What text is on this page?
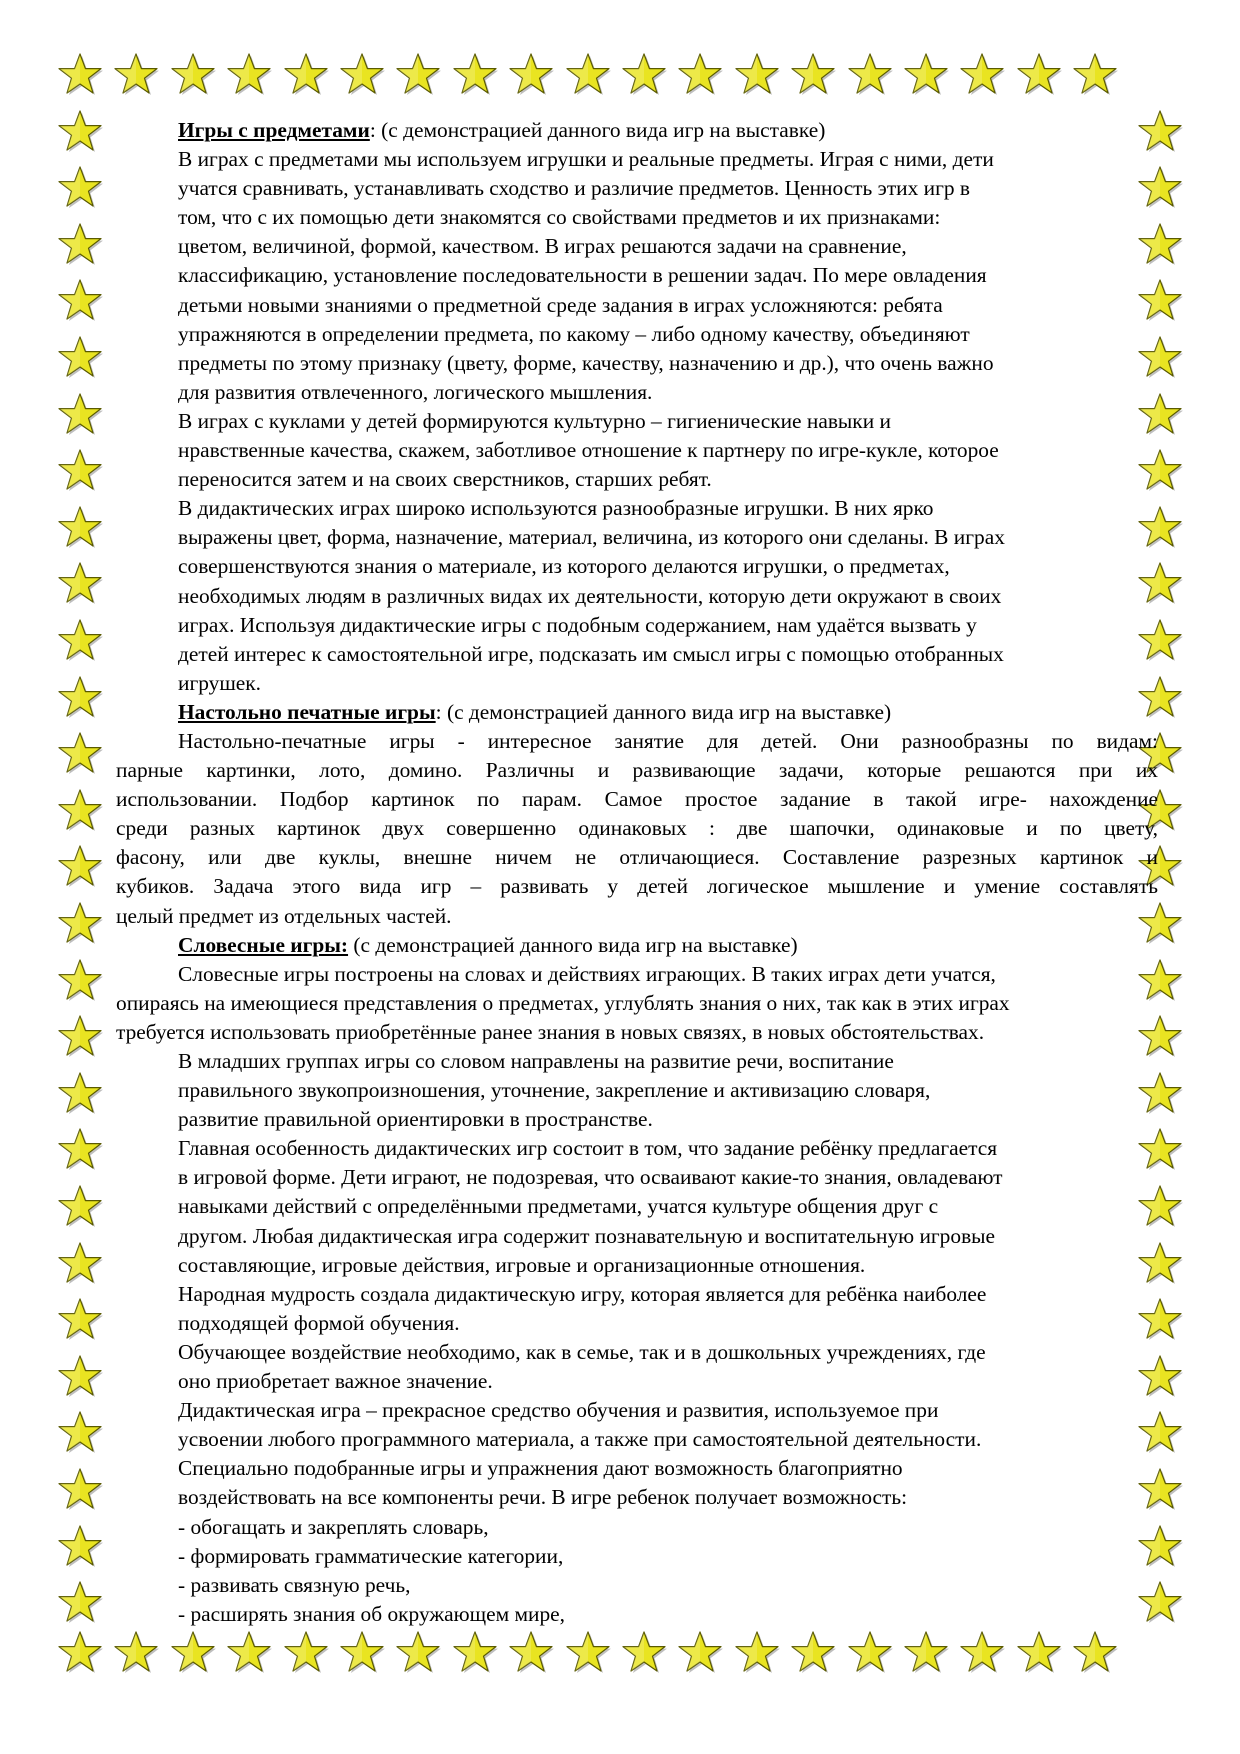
Игры с предметами: (с демонстрацией данного вида игр на выставке)

В играх с предметами мы используем игрушки и реальные предметы. Играя с ними, дети

учатся сравнивать, устанавливать сходство и различие предметов. Ценность этих игр в

том, что с их помощью дети знакомятся со свойствами предметов и их признаками:

цветом, величиной, формой, качеством. В играх решаются задачи на сравнение,

классификацию, установление последовательности в решении задач. По мере овладения

детьми новыми знаниями о предметной среде задания в играх усложняются: ребята

упражняются в определении предмета, по какому – либо одному качеству, объединяют

предметы по этому признаку (цвету, форме, качеству, назначению и др.), что очень важно

для развития отвлеченного, логического мышления.

В играх с куклами у детей формируются культурно – гигиенические навыки и

нравственные качества, скажем, заботливое отношение к партнеру по игре-кукле, которое

переносится затем и на своих сверстников, старших ребят.

В дидактических играх широко используются разнообразные игрушки. В них ярко

выражены цвет, форма, назначение, материал, величина, из которого они сделаны. В играх

совершенствуются знания о материале, из которого делаются игрушки, о предметах,

необходимых людям в различных видах их деятельности, которую дети окружают в своих

играх. Используя дидактические игры с подобным содержанием, нам удаётся вызвать у

детей интерес к самостоятельной игре, подсказать им смысл игры с помощью отобранных

игрушек.

Настольно печатные игры: (с демонстрацией данного вида игр на выставке)

Настольно-печатные игры - интересное занятие для детей. Они разнообразны по видам:

парные картинки, лото, домино. Различны и развивающие задачи, которые решаются при их

использовании. Подбор картинок по парам. Самое простое задание в такой игре- нахождение

среди разных картинок двух совершенно одинаковых : две шапочки, одинаковые и по цвету,

фасону, или две куклы, внешне ничем не отличающиеся. Составление разрезных картинок и

кубиков. Задача этого вида игр – развивать у детей логическое мышление и умение составлять

целый предмет из отдельных частей.

Словесные игры: (с демонстрацией данного вида игр на выставке)

Словесные игры построены на словах и действиях играющих. В таких играх дети учатся,

опираясь на имеющиеся представления о предметах, углублять знания о них, так как в этих играх

требуется использовать приобретённые ранее знания в новых связях, в новых обстоятельствах.

В младших группах игры со словом направлены на развитие речи, воспитание

правильного звукопроизношения, уточнение, закрепление и активизацию словаря,

развитие правильной ориентировки в пространстве.

Главная особенность дидактических игр состоит в том, что задание ребёнку предлагается

в игровой форме. Дети играют, не подозревая, что осваивают какие-то знания, овладевают

навыками действий с определёнными предметами, учатся культуре общения друг с

другом. Любая дидактическая игра содержит познавательную и воспитательную игровые

составляющие, игровые действия, игровые и организационные отношения.

Народная мудрость создала дидактическую игру, которая является для ребёнка наиболее

подходящей формой обучения.

Обучающее воздействие необходимо, как в семье, так и в дошкольных учреждениях, где

оно приобретает важное значение.

Дидактическая игра – прекрасное средство обучения и развития, используемое при

усвоении любого программного материала, а также при самостоятельной деятельности.

Специально подобранные игры и упражнения дают возможность благоприятно

воздействовать на все компоненты речи. В игре ребенок получает возможность:

- обогащать и закреплять словарь,

- формировать грамматические категории,

- развивать связную речь,

- расширять знания об окружающем мире,
